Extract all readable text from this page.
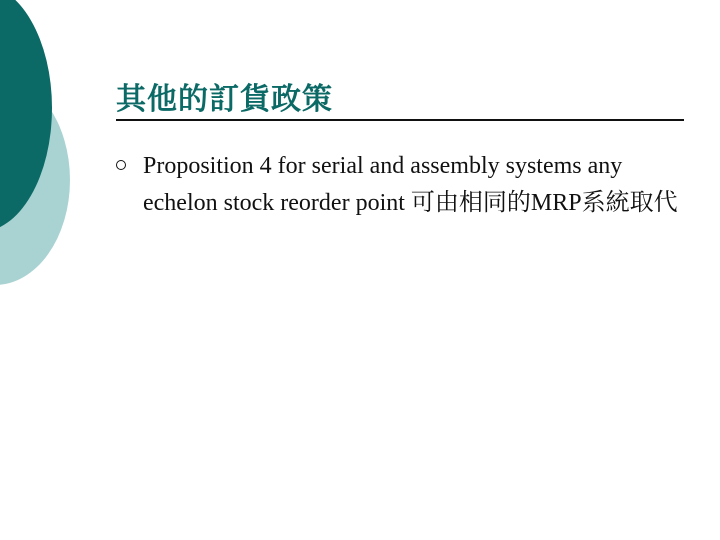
其他的訂貨政策
Proposition 4 for serial and assembly systems any echelon stock reorder point 可由相同的MRP系統取代
